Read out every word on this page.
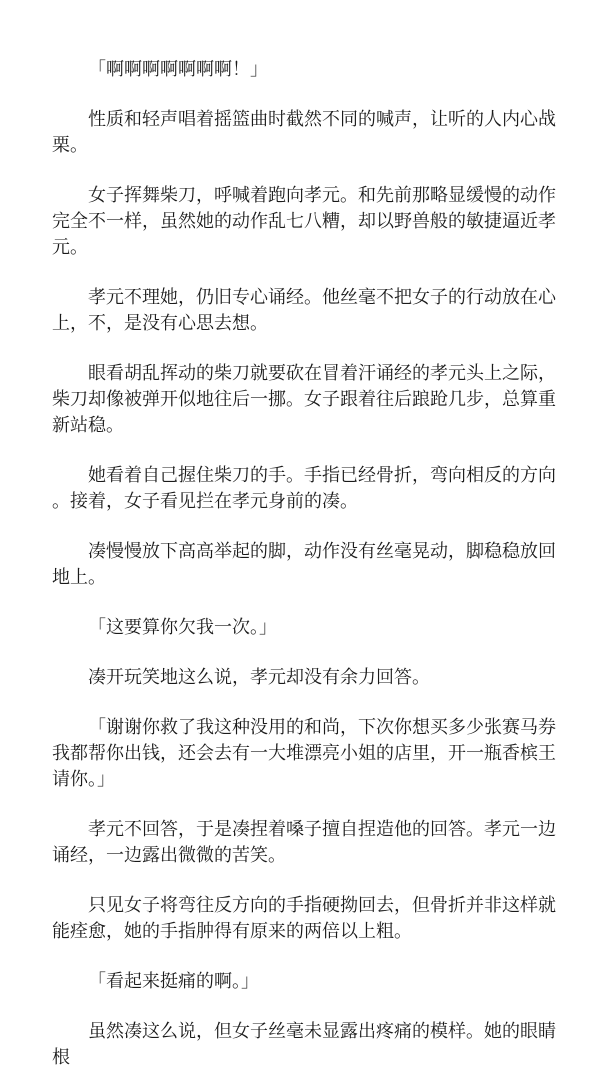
「啊啊啊啊啊啊啊！」

性质和轻声唱着摇篮曲时截然不同的喊声，让听的人内心战栗。

女子挥舞柴刀，呼喊着跑向孝元。和先前那略显缓慢的动作完全不一样，虽然她的动作乱七八糟，却以野兽般的敏捷逼近孝元。

孝元不理她，仍旧专心诵经。他丝毫不把女子的行动放在心上，不，是没有心思去想。

眼看胡乱挥动的柴刀就要砍在冒着汗诵经的孝元头上之际，柴刀却像被弹开似地往后一挪。女子跟着往后踉跄几步，总算重新站稳。

她看着自己握住柴刀的手。手指已经骨折，弯向相反的方向。接着，女子看见拦在孝元身前的凑。

凑慢慢放下高高举起的脚，动作没有丝毫晃动，脚稳稳放回地上。

「这要算你欠我一次。」

凑开玩笑地这么说，孝元却没有余力回答。

「谢谢你救了我这种没用的和尚，下次你想买多少张赛马券我都帮你出钱，还会去有一大堆漂亮小姐的店里，开一瓶香槟王请你。」

孝元不回答，于是凑捏着嗓子擅自捏造他的回答。孝元一边诵经，一边露出微微的苦笑。

只见女子将弯往反方向的手指硬拗回去，但骨折并非这样就能痊愈，她的手指肿得有原来的两倍以上粗。

「看起来挺痛的啊。」

虽然凑这么说，但女子丝毫未显露出疼痛的模样。她的眼睛根
